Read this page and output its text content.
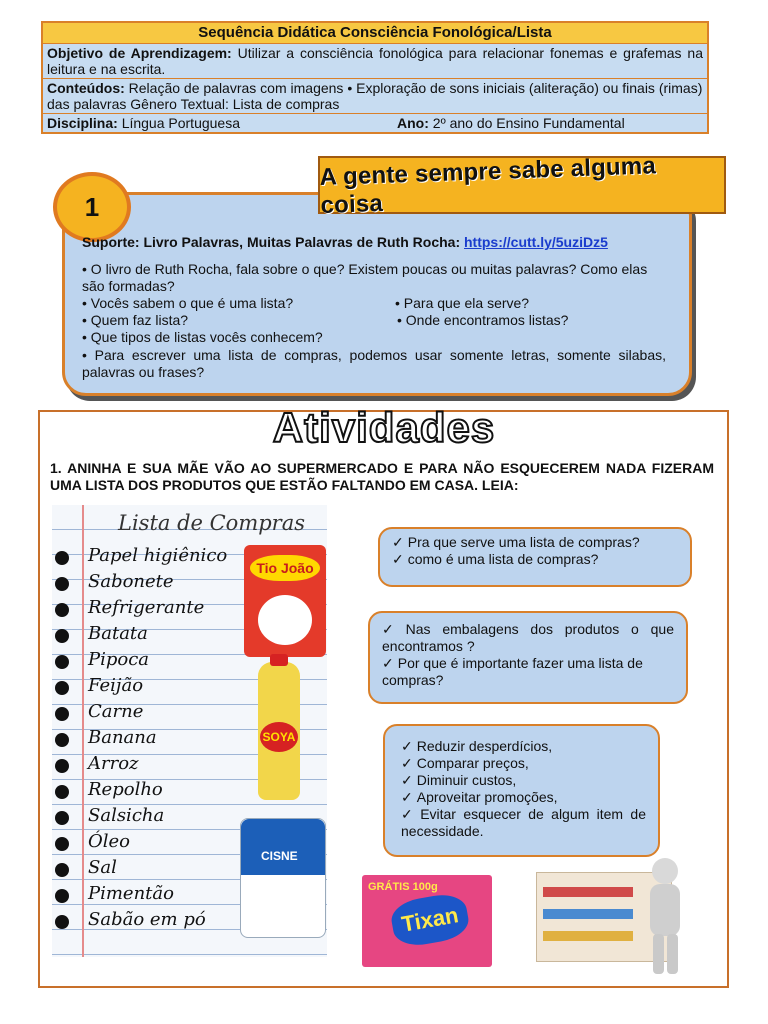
Sequência Didática Consciência Fonológica/Lista
Objetivo de Aprendizagem: Utilizar a consciência fonológica para relacionar fonemas e grafemas na leitura e na escrita.
Conteúdos: Relação de palavras com imagens • Exploração de sons iniciais (aliteração) ou finais (rimas) das palavras Gênero Textual: Lista de compras
Disciplina: Língua Portuguesa	Ano: 2º ano do Ensino Fundamental
1
A gente sempre sabe alguma coisa
Suporte: Livro Palavras, Muitas Palavras de Ruth Rocha: https://cutt.ly/5uziDz5
• O livro de Ruth Rocha, fala sobre o que? Existem poucas ou muitas palavras? Como elas são formadas?
• Vocês sabem o que é uma lista?	• Para que ela serve?
• Quem faz lista?	• Onde encontramos listas?
• Que tipos de listas vocês conhecem?
• Para escrever uma lista de compras, podemos usar somente letras, somente silabas, palavras ou frases?
Atividades
1. ANINHA E SUA MÃE VÃO AO SUPERMERCADO E PARA NÃO ESQUECEREM NADA FIZERAM UMA LISTA DOS PRODUTOS QUE ESTÃO FALTANDO EM CASA. LEIA:
Lista de Compras
Papel higiênico
Sabonete
Refrigerante
Batata
Pipoca
Feijão
Carne
Banana
Arroz
Repolho
Salsicha
Óleo
Sal
Pimentão
Sabão em pó
Tio João
SOYA
CISNE
GRÁTIS 100g
Tixan
✓ Pra que serve uma lista de compras?
✓ como é uma lista de compras?
✓ Nas embalagens dos produtos o que encontramos ?
✓ Por que é importante fazer uma lista de compras?
✓ Reduzir desperdícios,
✓ Comparar preços,
✓ Diminuir custos,
✓ Aproveitar promoções,
✓ Evitar esquecer de algum item de necessidade.
